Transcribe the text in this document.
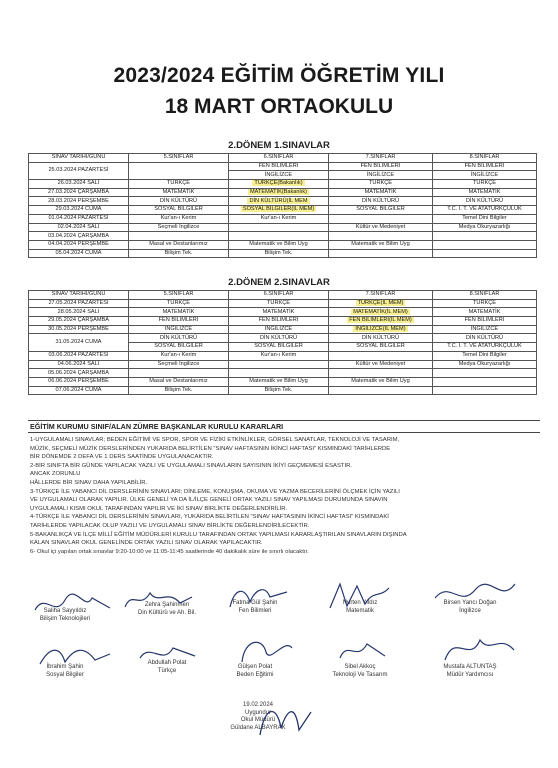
2023/2024 EĞİTİM ÖĞRETİM YILI
18 MART ORTAOKULU
2.DÖNEM 1.SINAVLAR
SINAV TARİHİ/GÜNÜ	5.SINIFLAR	6.SINIFLAR	7.SINIFLAR	8.SINIFLAR
25.03.2024 PAZARTESİ		FEN BİLİMLERİ	FEN BİLİMLERİ	FEN BİLİMLERİ
		İNGİLİZCE	İNGİLİZCE	İNGİLİZCE
26.03.2024 SALI	TÜRKÇE	TÜRKÇE(Bakanlık)	TÜRKÇE	TÜRKÇE
27.03.2024 ÇARŞAMBA	MATEMATİK	MATEMATİK(Bakanlık)	MATEMATİK	MATEMATİK
28.03.2024 PERŞEMBE	DİN KÜLTÜRÜ	DİN KÜLTÜRÜ(İL MEM	DİN KÜLTÜRÜ	DİN KÜLTÜRÜ
29.03.2024 CUMA	SOSYAL BİLGİLER	SOSYAL BİLGİLER(İL MEM)	SOSYAL BİLGİLER	T.C. İ. T. VE ATATÜRKÇÜLÜK
01.04.2024 PAZARTESİ	Kur'an-ı Kerim	Kur'an-ı Kerim		Temel Dini Bilgiler
02.04.2024 SALI	Seçmeli İngilizce		Kültür ve Medeniyet	Medya Okuryazarlığı
03.04.2024 ÇARŞAMBA				
04.04.2024 PERŞEMBE	Masal ve Destanlarımız	Matematik ve Bilim Uyg	Matematik ve Bilim Uyg	
05.04.2024 CUMA	Bilişim Tek.	Bilişim Tek.		
2.DÖNEM 2.SINAVLAR
SINAV TARİHİ/GÜNÜ	5.SINIFLAR	6.SINIFLAR	7.SINIFLAR	8.SINIFLAR
27.05.2024 PAZARTESİ	TÜRKÇE	TÜRKÇE	TÜRKÇE(İL MEM)	TÜRKÇE
28.05.2024 SALI	MATEMATİK	MATEMATİK	MATEMATİK(İL MEM)	MATEMATİK
29.05.2024 ÇARŞAMBA	FEN BİLİMLERİ	FEN BİLİMLERİ	FEN BİLİMLERİ(İL MEM)	FEN BİLİMLERİ
30.05.2024 PERŞEMBE	İNGİLİZCE	İNGİLİZCE	İNGİLİZCE(İL MEM)	İNGİLİZCE
31.05.2024 CUMA	DİN KÜLTÜRÜ	DİN KÜLTÜRÜ	DİN KÜLTÜRÜ	DİN KÜLTÜRÜ
	SOSYAL BİLGİLER	SOSYAL BİLGİLER	SOSYAL BİLGİLER	T.C. İ. T. VE ATATÜRKÇÜLÜK
03.06.2024 PAZARTESİ	Kur'an-ı Kerim	Kur'an-ı Kerim		Temel Dini Bilgiler
04.06.2024 SALI	Seçmeli İngilizce		Kültür ve Medeniyet	Medya Okuryazarlığı
05.06.2024 ÇARŞAMBA				
06.06.2024 PERŞEMBE	Masal ve Destanlarımız	Matematik ve Bilim Uyg	Matematik ve Bilim Uyg	
07.06.2024 CUMA	Bilişim Tek.	Bilişim Tek.		
EĞİTİM KURUMU SINIF/ALAN ZÜMRE BAŞKANLAR KURULU KARARLARI
1-UYGULAMALI SINAVLAR; BEDEN EĞİTİMİ VE SPOR, SPOR VE FİZİKİ ETKİNLİKLER, GÖRSEL SANATLAR, TEKNOLOJİ VE TASARIM,
MÜZİK, SEÇMELİ MÜZİK DERSLERİNDEN YUKARIDA BELİRTİLEN "SINAV HAFTASININ İKİNCİ HAFTASI" KISMINDAKİ TARİHLERDE
BİR DÖNEMDE 2 DEFA VE 1 DERS SAATİNDE UYGULANACAKTIR.
2-BİR SINIFTA BİR GÜNDE YAPILACAK YAZILI VE UYGULAMALI SINAVLARIN SAYISININ İKİYİ GEÇMEMESİ ESASTIR.
ANCAK ZORUNLU
HÂLLERDE BİR SINAV DAHA YAPILABİLİR.
3-TÜRKÇE İLE YABANCI DİL DERSLERİNİN SINAVLARI; DİNLEME, KONUŞMA, OKUMA VE YAZMA BECERİLERİNİ ÖLÇMEK İÇİN YAZILI
VE UYGULAMALI OLARAK YAPILIR. ÜLKE GENELİ YA DA İL/İLÇE GENELİ ORTAK YAZILI SINAV YAPILMASI DURUMUNDA SINAVIN
UYGULAMALI KISMI OKUL TARAFINDAN YAPILIR VE İKİ SINAV BİRLİKTE DEĞERLENDİRİLİR.
4-TÜRKÇE İLE YABANCI DİL DERSLERİNİN SINAVLARI, YUKARIDA BELİRTİLEN "SINAV HAFTASININ İKİNCİ HAFTASI" KISMINDAKİ
TARİHLERDE YAPILACAK OLUP YAZILI VE UYGULAMALI SINAV BİRLİKTE DEĞERLENDİRİLECEKTİR.
5-BAKANLIKÇA VE İLÇE MİLLÎ EĞİTİM MÜDÜRLERİ KURULU TARAFINDAN ORTAK YAPILMASI KARARLAŞTIRILAN SINAVLARIN DIŞINDA
KALAN SINAVLAR OKUL GENELİNDE ORTAK YAZILI SINAV OLARAK YAPILACAKTIR.
6- Okul içi yapılan ortak sınavlar 9:20-10:00 ve 11:05-11:45 saatlerinde 40 dakikalık süre ile sınırlı olacaktır.
Saliha Sayyıldız
Bilişim Teknolojileri
Zehra Şahinmen
Din Kültürü ve Ah. Bil.
Fatma Gül Şahin
Fen Bilimleri
Nurten Yıldız
Matematik
Birsen Yancı Doğan
İngilizce
İbrahim Şahin
Sosyal Bilgiler
Abdullah Polat
Türkçe
Gülşen Polat
Beden Eğitimi
Sibel Akkoç
Teknoloji Ve Tasarım
Mustafa ALTUNTAŞ
Müdür Yardımcısı
19.02.2024
Uygundur
Okul Müdürü
Güldane ALBAYRAK
